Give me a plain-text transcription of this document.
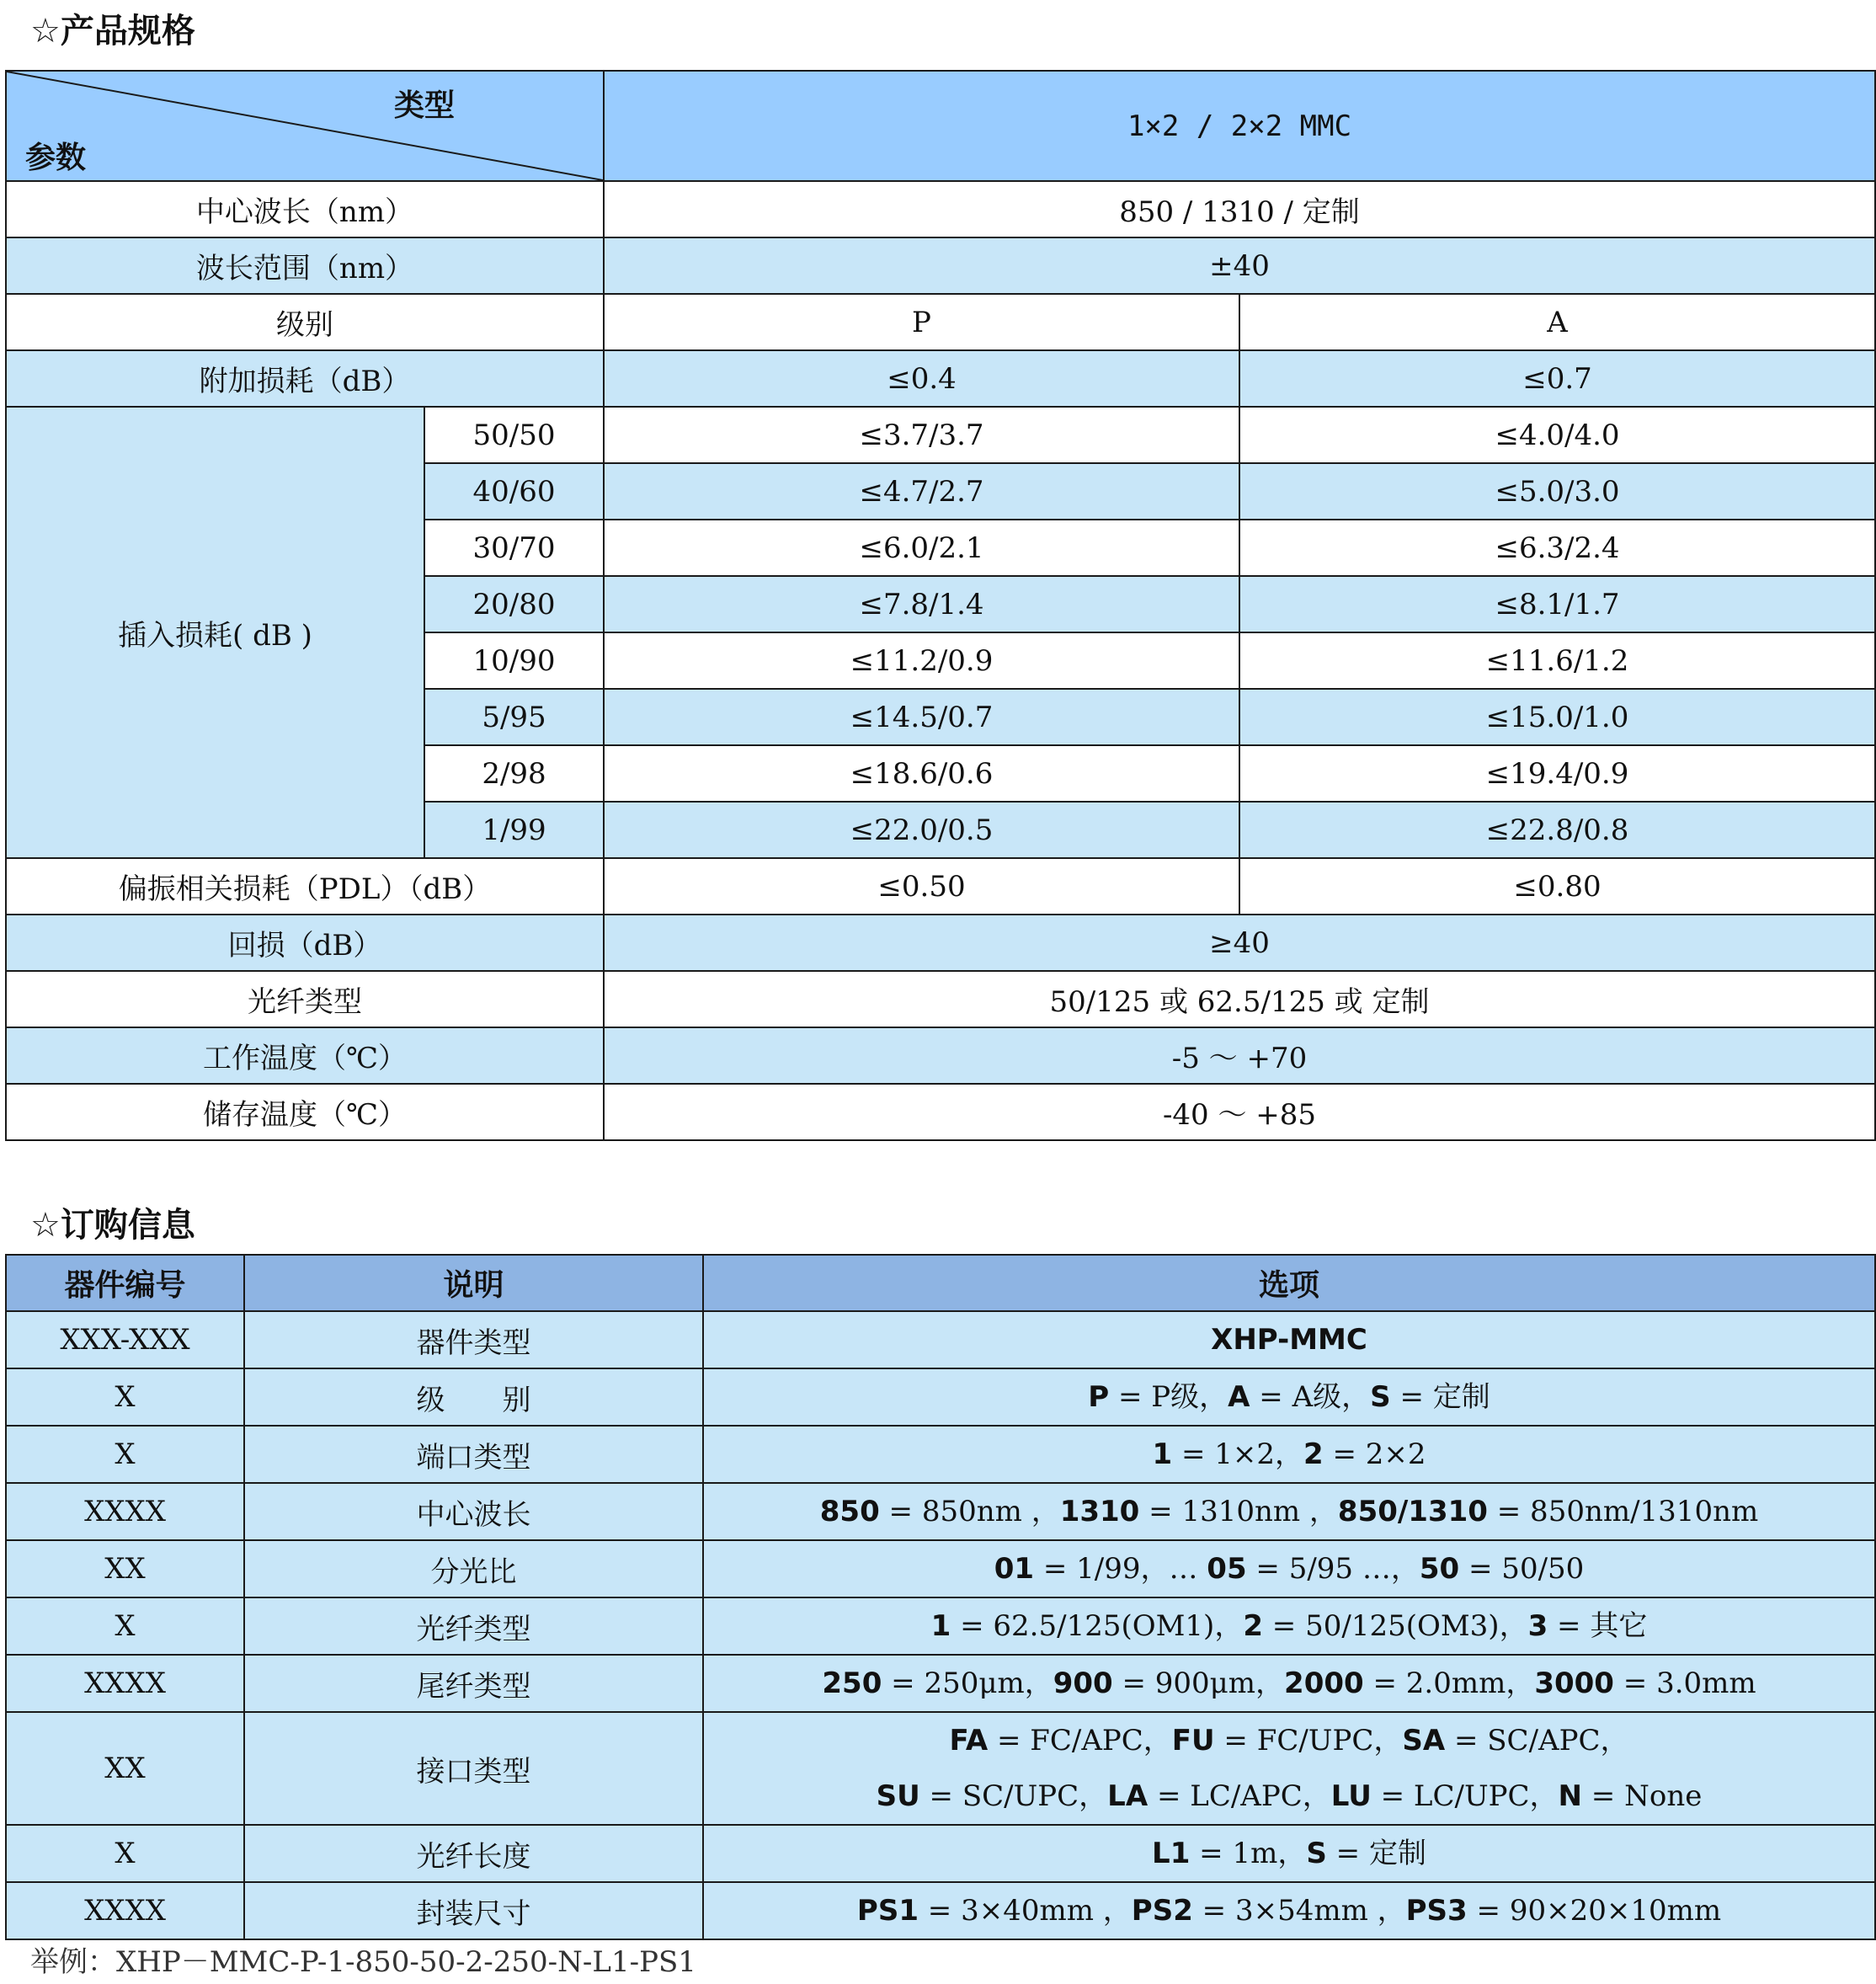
☆产品规格
类型
参数		1×2 / 2×2 MMC	
中心波长（nm）		850 / 1310 / 定制	
波长范围（nm）		±40	
级别		P	A
附加损耗（dB）		≤0.4	≤0.7
插入损耗( dB )	50/50	≤3.7/3.7	≤4.0/4.0
	40/60	≤4.7/2.7	≤5.0/3.0
	30/70	≤6.0/2.1	≤6.3/2.4
	20/80	≤7.8/1.4	≤8.1/1.7
	10/90	≤11.2/0.9	≤11.6/1.2
	5/95	≤14.5/0.7	≤15.0/1.0
	2/98	≤18.6/0.6	≤19.4/0.9
	1/99	≤22.0/0.5	≤22.8/0.8
偏振相关损耗（PDL）（dB）		≤0.50	≤0.80
回损（dB）		≥40	
光纤类型		50/125 或 62.5/125 或 定制	
工作温度（℃）		-5 ～ +70	
储存温度（℃）		-40 ～ +85	
☆订购信息
器件编号	说明	选项
XXX-XXX	器件类型	XHP-MMC

X	级　　别	P = P级，A = A级，S = 定制

X	端口类型	1 = 1×2，2 = 2×2

XXXX	中心波长	850 = 850nm ，1310 = 1310nm ，850/1310 = 850nm/1310nm

XX	分光比	01 = 1/99，… 05 = 5/95 …，50 = 50/50

X	光纤类型	1 = 62.5/125(OM1)，2 = 50/125(OM3)，3 = 其它

XXXX	尾纤类型	250 = 250μm，900 = 900μm，2000 = 2.0mm，3000 = 3.0mm

XX	接口类型	FA = FC/APC，FU = FC/UPC，SA = SC/APC，
SU = SC/UPC，LA = LC/APC，LU = LC/UPC，N = None

X	光纤长度	L1 = 1m，S = 定制

XXXX	封装尺寸	PS1 = 3×40mm ，PS2 = 3×54mm ，PS3 = 90×20×10mm
举例：XHP－MMC-P-1-850-50-2-250-N-L1-PS1
